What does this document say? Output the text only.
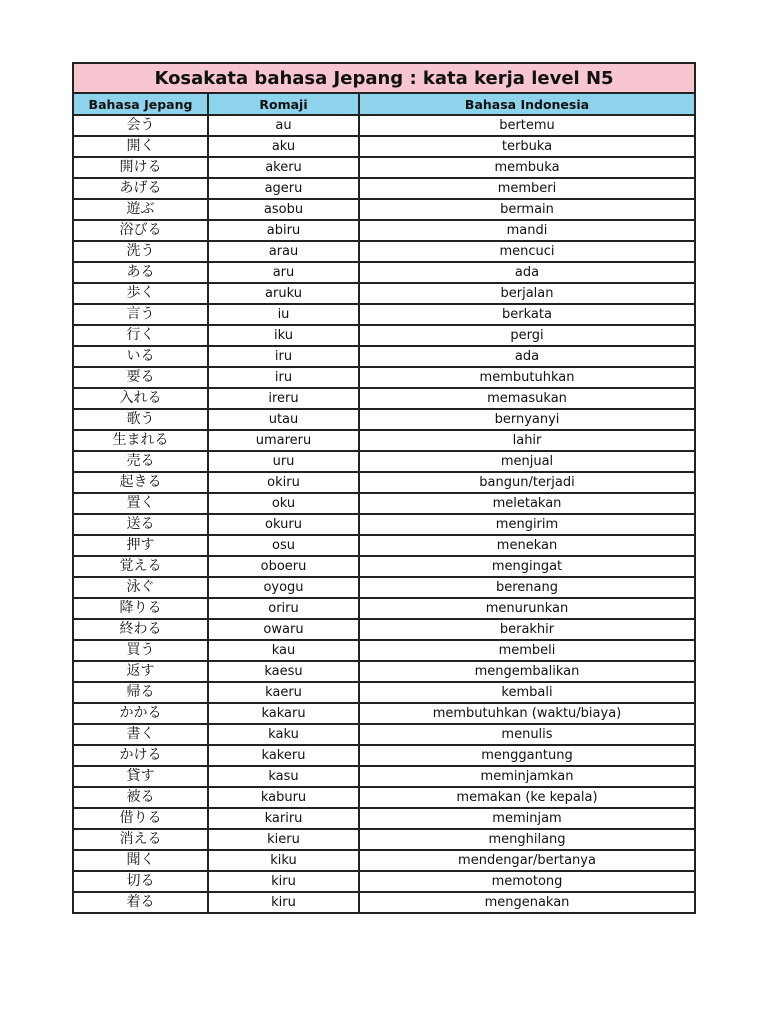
Kosakata bahasa Jepang : kata kerja level N5
Bahasa Jepang	Romaji	Bahasa Indonesia
会う	au	bertemu
開く	aku	terbuka
開ける	akeru	membuka
あげる	ageru	memberi
遊ぶ	asobu	bermain
浴びる	abiru	mandi
洗う	arau	mencuci
ある	aru	ada
歩く	aruku	berjalan
言う	iu	berkata
行く	iku	pergi
いる	iru	ada
要る	iru	membutuhkan
入れる	ireru	memasukan
歌う	utau	bernyanyi
生まれる	umareru	lahir
売る	uru	menjual
起きる	okiru	bangun/terjadi
置く	oku	meletakan
送る	okuru	mengirim
押す	osu	menekan
覚える	oboeru	mengingat
泳ぐ	oyogu	berenang
降りる	oriru	menurunkan
終わる	owaru	berakhir
買う	kau	membeli
返す	kaesu	mengembalikan
帰る	kaeru	kembali
かかる	kakaru	membutuhkan (waktu/biaya)
書く	kaku	menulis
かける	kakeru	menggantung
貸す	kasu	meminjamkan
被る	kaburu	memakan (ke kepala)
借りる	kariru	meminjam
消える	kieru	menghilang
聞く	kiku	mendengar/bertanya
切る	kiru	memotong
着る	kiru	mengenakan
